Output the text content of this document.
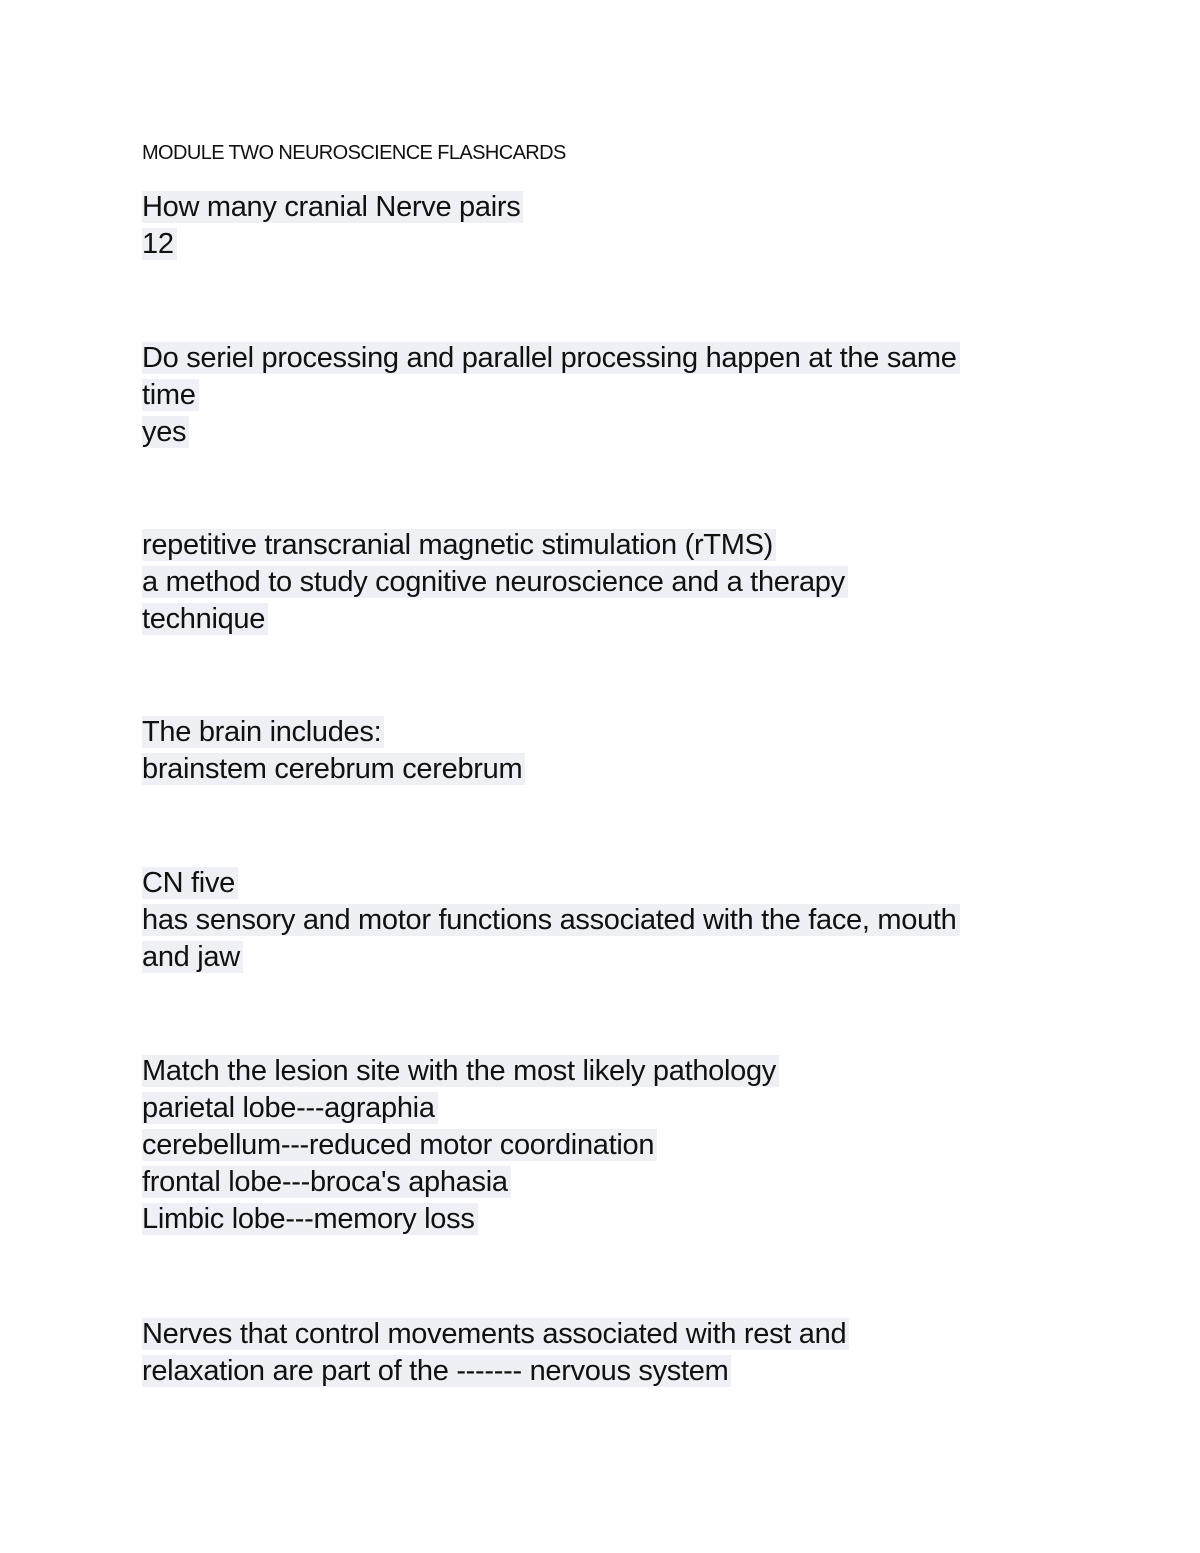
MODULE TWO NEUROSCIENCE FLASHCARDS
How many cranial Nerve pairs
12
Do seriel processing and parallel processing happen at the same
time
yes
repetitive transcranial magnetic stimulation (rTMS)
a method to study cognitive neuroscience and a therapy
technique
The brain includes:
brainstem cerebrum cerebrum
CN five
has sensory and motor functions associated with the face, mouth
and jaw
Match the lesion site with the most likely pathology
parietal lobe---agraphia
cerebellum---reduced motor coordination
frontal lobe---broca's aphasia
Limbic lobe---memory loss
Nerves that control movements associated with rest and
relaxation are part of the ------- nervous system
